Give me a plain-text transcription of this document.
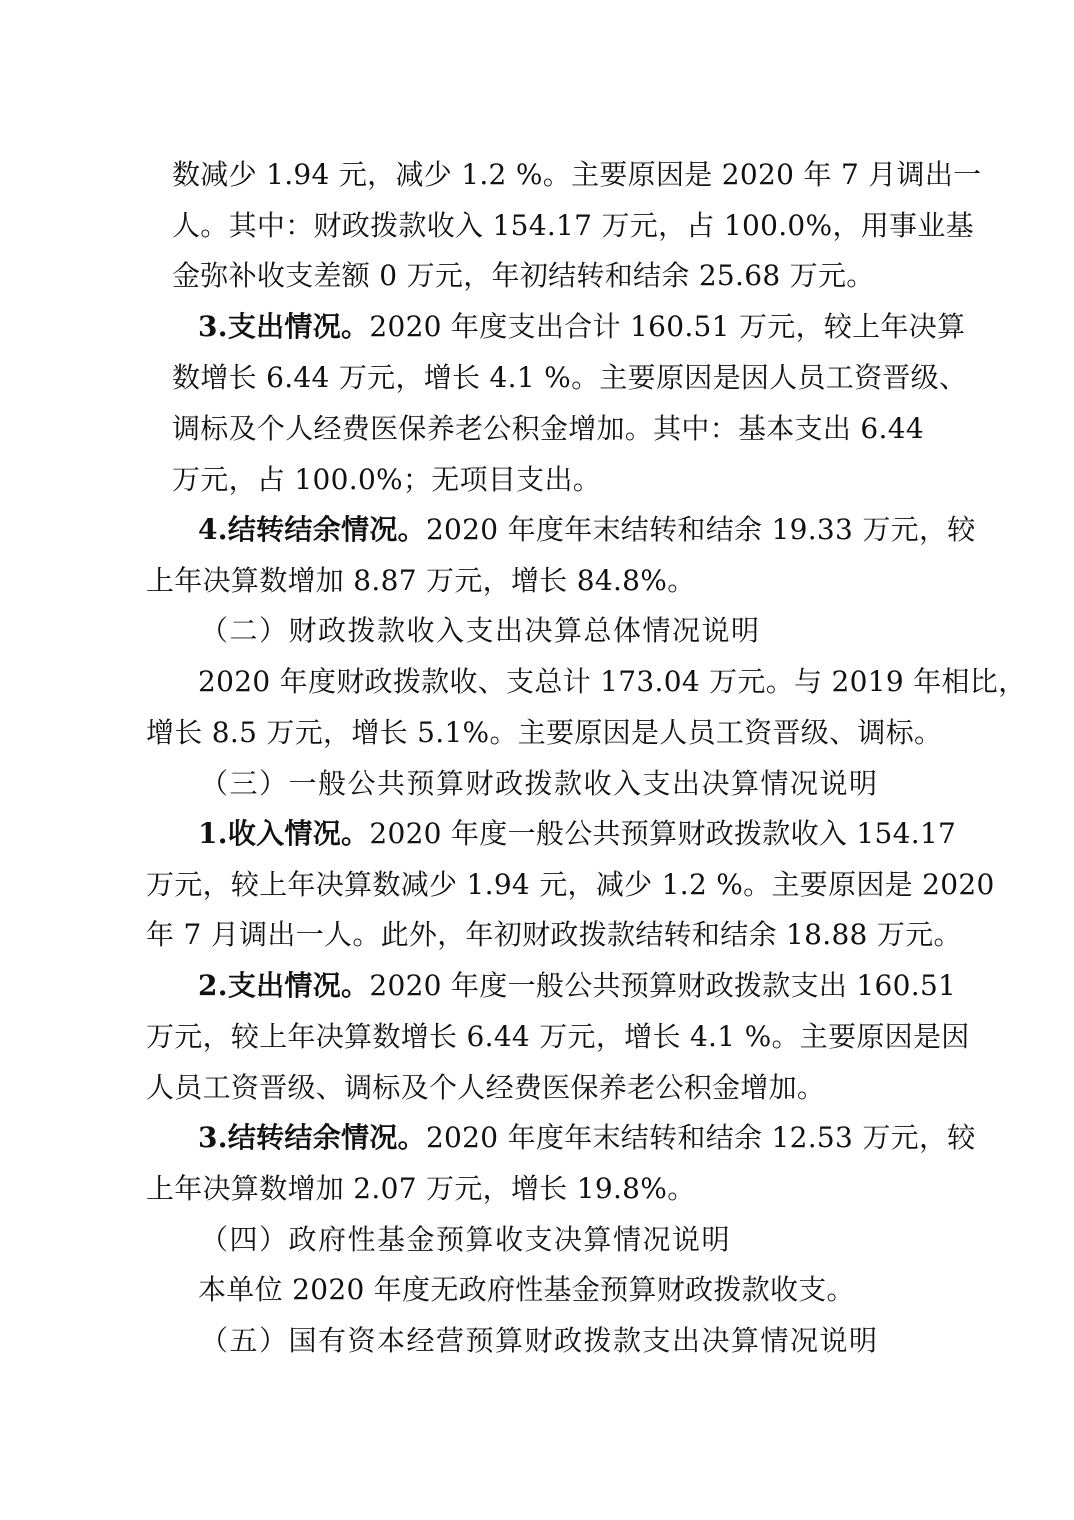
数减少 1.94 元，减少 1.2 %。主要原因是 2020 年 7 月调出一
人。其中：财政拨款收入 154.17 万元，占 100.0%，用事业基
金弥补收支差额 0 万元，年初结转和结余 25.68 万元。
3.支出情况。2020 年度支出合计 160.51 万元，较上年决算
数增长 6.44 万元，增长 4.1 %。主要原因是因人员工资晋级、
调标及个人经费医保养老公积金增加。其中：基本支出 6.44
万元，占 100.0%；无项目支出。
4.结转结余情况。2020 年度年末结转和结余 19.33 万元，较
上年决算数增加 8.87 万元，增长 84.8%。
（二）财政拨款收入支出决算总体情况说明
2020 年度财政拨款收、支总计 173.04 万元。与 2019 年相比，
增长 8.5 万元，增长 5.1%。主要原因是人员工资晋级、调标。
（三）一般公共预算财政拨款收入支出决算情况说明
1.收入情况。2020 年度一般公共预算财政拨款收入 154.17
万元，较上年决算数减少 1.94 元，减少 1.2 %。主要原因是 2020
年 7 月调出一人。此外，年初财政拨款结转和结余 18.88 万元。
2.支出情况。2020 年度一般公共预算财政拨款支出 160.51
万元，较上年决算数增长 6.44 万元，增长 4.1 %。主要原因是因
人员工资晋级、调标及个人经费医保养老公积金增加。
3.结转结余情况。2020 年度年末结转和结余 12.53 万元，较
上年决算数增加 2.07 万元，增长 19.8%。
（四）政府性基金预算收支决算情况说明
本单位 2020 年度无政府性基金预算财政拨款收支。
（五）国有资本经营预算财政拨款支出决算情况说明
